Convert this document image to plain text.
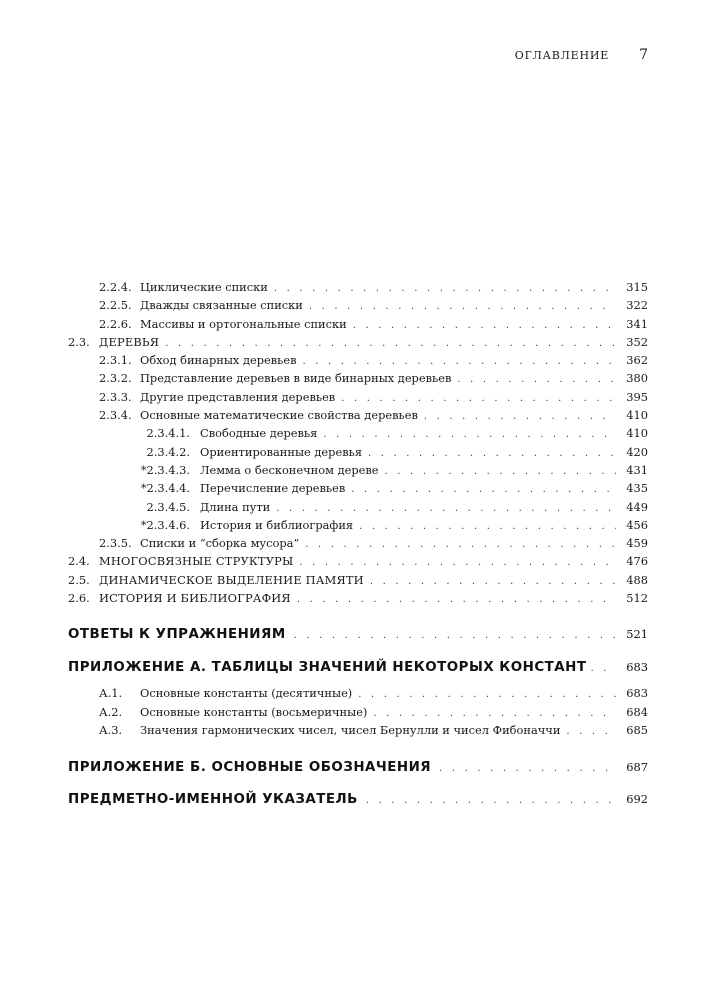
ОГЛАВЛЕНИЕ 7
2.2.4. Циклические списки . . .	315
2.2.5. Дважды связанные списки . . .	322
2.2.6. Массивы и ортогональные списки . . .	341
2.3. ДЕРЕВЬЯ . . .	352
2.3.1. Обход бинарных деревьев . . .	362
2.3.2. Представление деревьев в виде бинарных деревьев . . .	380
2.3.3. Другие представления деревьев . . .	395
2.3.4. Основные математические свойства деревьев . . .	410
2.3.4.1. Свободные деревья . . .	410
2.3.4.2. Ориентированные деревья . . .	420
*2.3.4.3. Лемма о бесконечном дереве . . .	431
*2.3.4.4. Перечисление деревьев . . .	435
2.3.4.5. Длина пути . . .	449
*2.3.4.6. История и библиография . . .	456
2.3.5. Списки и “сборка мусора” . . .	459
2.4. МНОГОСВЯЗНЫЕ СТРУКТУРЫ . . .	476
2.5. ДИНАМИЧЕСКОЕ ВЫДЕЛЕНИЕ ПАМЯТИ . . .	488
2.6. ИСТОРИЯ И БИБЛИОГРАФИЯ . . .	512
ОТВЕТЫ К УПРАЖНЕНИЯМ . . .	521
ПРИЛОЖЕНИЕ А. ТАБЛИЦЫ ЗНАЧЕНИЙ НЕКОТОРЫХ КОНСТАНТ . . .	683
А.1.	Основные константы (десятичные) . . .	683
А.2.	Основные константы (восьмеричные) . . .	684
А.3.	Значения гармонических чисел, чисел Бернулли и чисел Фибоначчи . . .	685
ПРИЛОЖЕНИЕ Б. ОСНОВНЫЕ ОБОЗНАЧЕНИЯ . . .	687
ПРЕДМЕТНО-ИМЕННОЙ УКАЗАТЕЛЬ . . .	692
